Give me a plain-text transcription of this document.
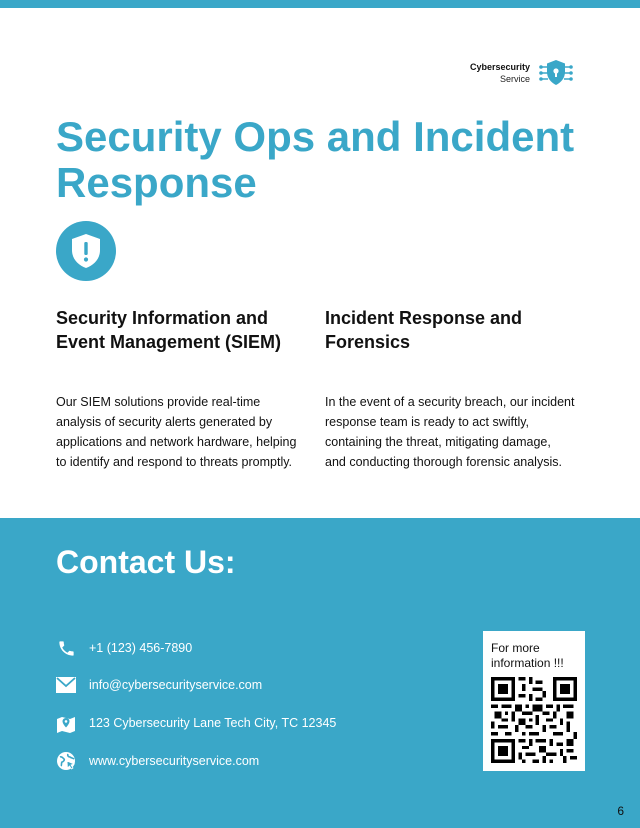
Cybersecurity
Service
Security Ops and Incident Response
Security Information and Event Management (SIEM)

Our SIEM solutions provide real-time analysis of security alerts generated by applications and network hardware, helping to identify and respond to threats promptly.

Incident Response and Forensics

In the event of a security breach, our incident response team is ready to act swiftly, containing the threat, mitigating damage, and conducting thorough forensic analysis.

Contact Us:
+1 (123) 456-7890
info@cybersecurityservice.com
123 Cybersecurity Lane Tech City, TC 12345
www.cybersecurityservice.com
For more information !!!
6
